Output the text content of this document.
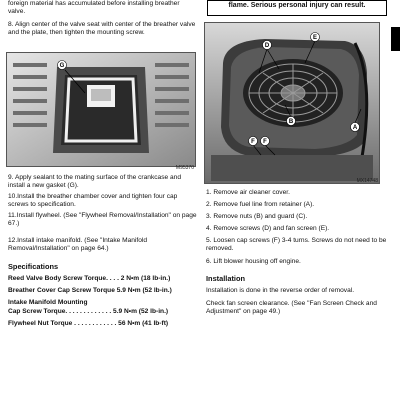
foreign material has accumulated before installing breather valve.
8. Align center of the valve seat with center of the breather valve and the plate, then tighten the mounting screw.
G
M95370
9. Apply sealant to the mating surface of the crankcase and install a new gasket (G).
10.Install the breather chamber cover and tighten four cap screws to specification.
11.Install flywheel. (See "Flywheel Removal/Installation" on page 67.)
12.Install intake manifold. (See "Intake Manifold Removal/Installation" on page 64.)
Specifications
Reed Valve Body Screw Torque. . . . 2 N•m (18 lb-in.)
Breather Cover Cap Screw Torque 5.9 N•m (52 lb-in.)
Intake Manifold Mounting
Cap Screw Torque. . . . . . . . . . . . . 5.9 N•m (52 lb-in.)
Flywheel Nut Torque . . . . . . . . . . . . 56 N•m (41 lb-ft)
flame. Serious personal injury can result.
D
E
B
A
F F
MX14748
1. Remove air cleaner cover.
2. Remove fuel line from retainer (A).
3. Remove nuts (B) and guard (C).
4. Remove screws (D) and fan screen (E).
5. Loosen cap screws (F) 3-4 turns. Screws do not need to be removed.
6. Lift blower housing off engine.
Installation
Installation is done in the reverse order of removal.
Check fan screen clearance. (See "Fan Screen Check and Adjustment" on page 49.)
